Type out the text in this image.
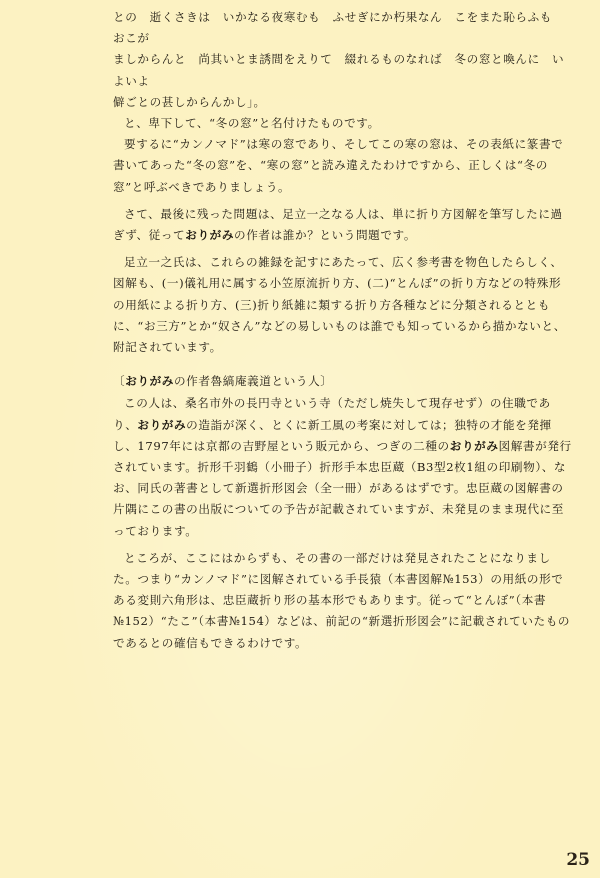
との　逝くさきは　いかなる夜寒むも　ふせぎにか朽果なん　こをまた恥らふも　おこが

ましからんと　尚其いとま誘間をえりて　綴れるものなれば　冬の窓と喚んに　いよいよ

僻ごとの甚しからんかし」。

と、卑下して、“冬の窓”と名付けたものです。

要するに“カンノマド”は寒の窓であり、そしてこの寒の窓は、その表紙に篆書で書いてあった“冬の窓”を、“寒の窓”と読み違えたわけですから、正しくは“冬の窓”と呼ぶべきでありましょう。

さて、最後に残った問題は、足立一之なる人は、単に折り方図解を筆写したに過ぎず、従っておりがみの作者は誰か？という問題です。

足立一之氏は、これらの雑録を記すにあたって、広く参考書を物色したらしく、図解も、(一)儀礼用に属する小笠原流折り方、(二)“とんぼ”の折り方などの特殊形の用紙による折り方、(三)折り紙雑に類する折り方各種などに分類されるとともに、“お三方”とか“奴さん”などの易しいものは誰でも知っているから描かないと、附記されています。

〔おりがみの作者魯縞庵義道という人〕

この人は、桑名市外の長円寺という寺（ただし焼失して現存せず）の住職であり、おりがみの造詣が深く、とくに新工風の考案に対しては；独特の才能を発揮し、1797年には京都の吉野屋という販元から、つぎの二種のおりがみ図解書が発行されています。折形千羽鶴（小冊子）折形手本忠臣蔵（B3型2枚1組の印刷物）、なお、同氏の著書として新選折形図会（全一冊）があるはずです。忠臣蔵の図解書の片隅にこの書の出版についての予告が記載されていますが、未発見のまま現代に至っております。

ところが、ここにはからずも、その書の一部だけは発見されたことになりました。つまり“カンノマド”に図解されている手長猿（本書図解№153）の用紙の形である変則六角形は、忠臣蔵折り形の基本形でもあります。従って“とんぼ”（本書№152）“たこ”（本書№154）などは、前記の“新選折形図会”に記載されていたものであるとの確信もできるわけです。

25
